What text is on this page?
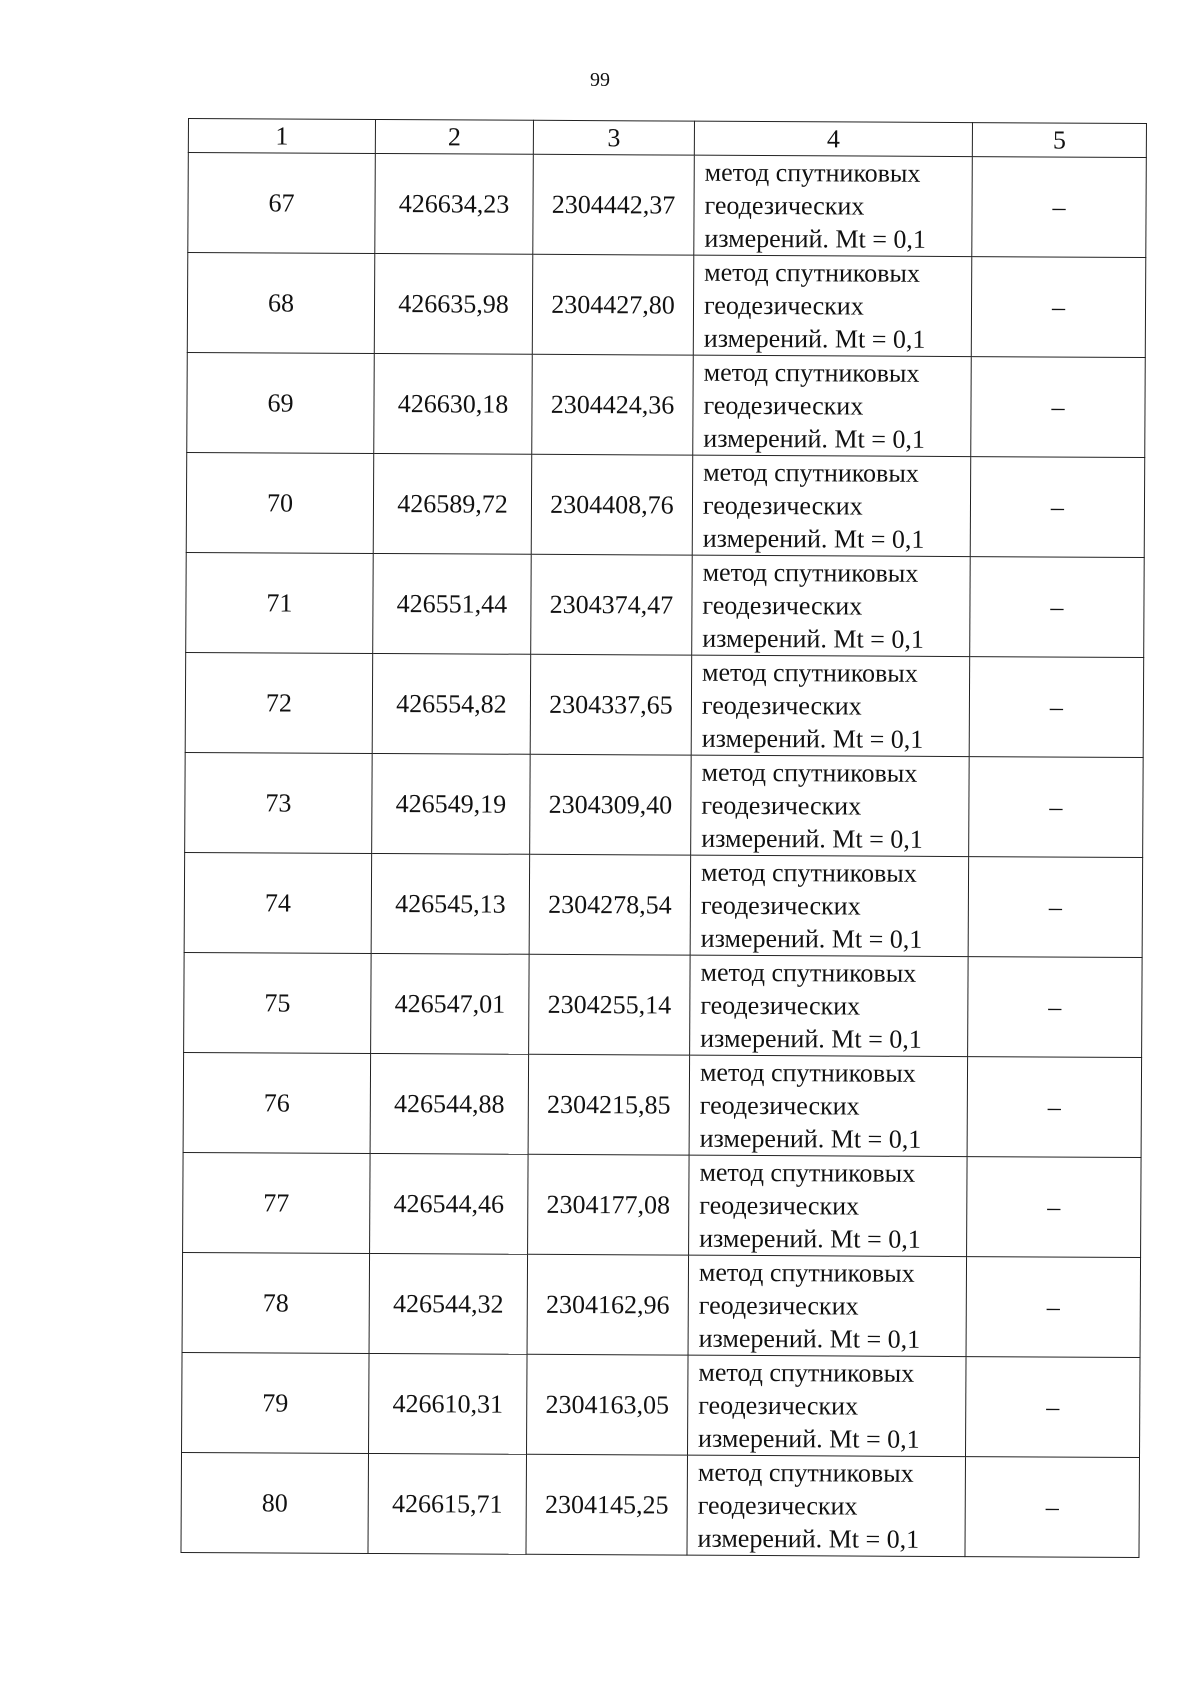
99
1	2	3	4	5
67	426634,23	2304442,37	метод спутниковых
геодезических
измерений. Mt = 0,1	–
68	426635,98	2304427,80	метод спутниковых
геодезических
измерений. Mt = 0,1	–
69	426630,18	2304424,36	метод спутниковых
геодезических
измерений. Mt = 0,1	–
70	426589,72	2304408,76	метод спутниковых
геодезических
измерений. Mt = 0,1	–
71	426551,44	2304374,47	метод спутниковых
геодезических
измерений. Mt = 0,1	–
72	426554,82	2304337,65	метод спутниковых
геодезических
измерений. Mt = 0,1	–
73	426549,19	2304309,40	метод спутниковых
геодезических
измерений. Mt = 0,1	–
74	426545,13	2304278,54	метод спутниковых
геодезических
измерений. Mt = 0,1	–
75	426547,01	2304255,14	метод спутниковых
геодезических
измерений. Mt = 0,1	–
76	426544,88	2304215,85	метод спутниковых
геодезических
измерений. Mt = 0,1	–
77	426544,46	2304177,08	метод спутниковых
геодезических
измерений. Mt = 0,1	–
78	426544,32	2304162,96	метод спутниковых
геодезических
измерений. Mt = 0,1	–
79	426610,31	2304163,05	метод спутниковых
геодезических
измерений. Mt = 0,1	–
80	426615,71	2304145,25	метод спутниковых
геодезических
измерений. Mt = 0,1	–
